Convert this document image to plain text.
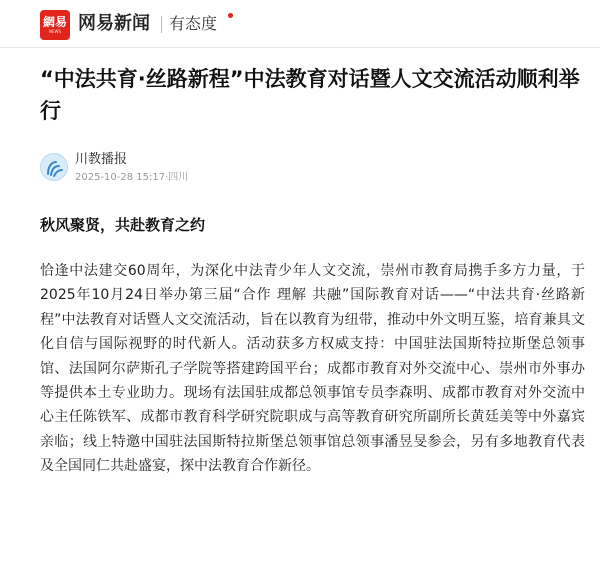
網易
NEWS 网易新闻 有态度
“中法共育·丝路新程”中法教育对话暨人文交流活动顺利举行
川教播报
2025-10-28 15:17·四川
秋风聚贤，共赴教育之约

恰逢中法建交60周年，为深化中法青少年人文交流，崇州市教育局携手多方力量，于2025年10月24日举办第三届“合作 理解 共融”国际教育对话——“中法共育·丝路新程”中法教育对话暨人文交流活动，旨在以教育为纽带，推动中外文明互鉴，培育兼具文化自信与国际视野的时代新人。活动获多方权威支持：中国驻法国斯特拉斯堡总领事馆、法国阿尔萨斯孔子学院等搭建跨国平台；成都市教育对外交流中心、崇州市外事办等提供本土专业助力。现场有法国驻成都总领事馆专员李森明、成都市教育对外交流中心主任陈铁军、成都市教育科学研究院职成与高等教育研究所副所长黄廷美等中外嘉宾亲临；线上特邀中国驻法国斯特拉斯堡总领事馆总领事潘昱旻参会，另有多地教育代表及全国同仁共赴盛宴，探中法教育合作新径。
